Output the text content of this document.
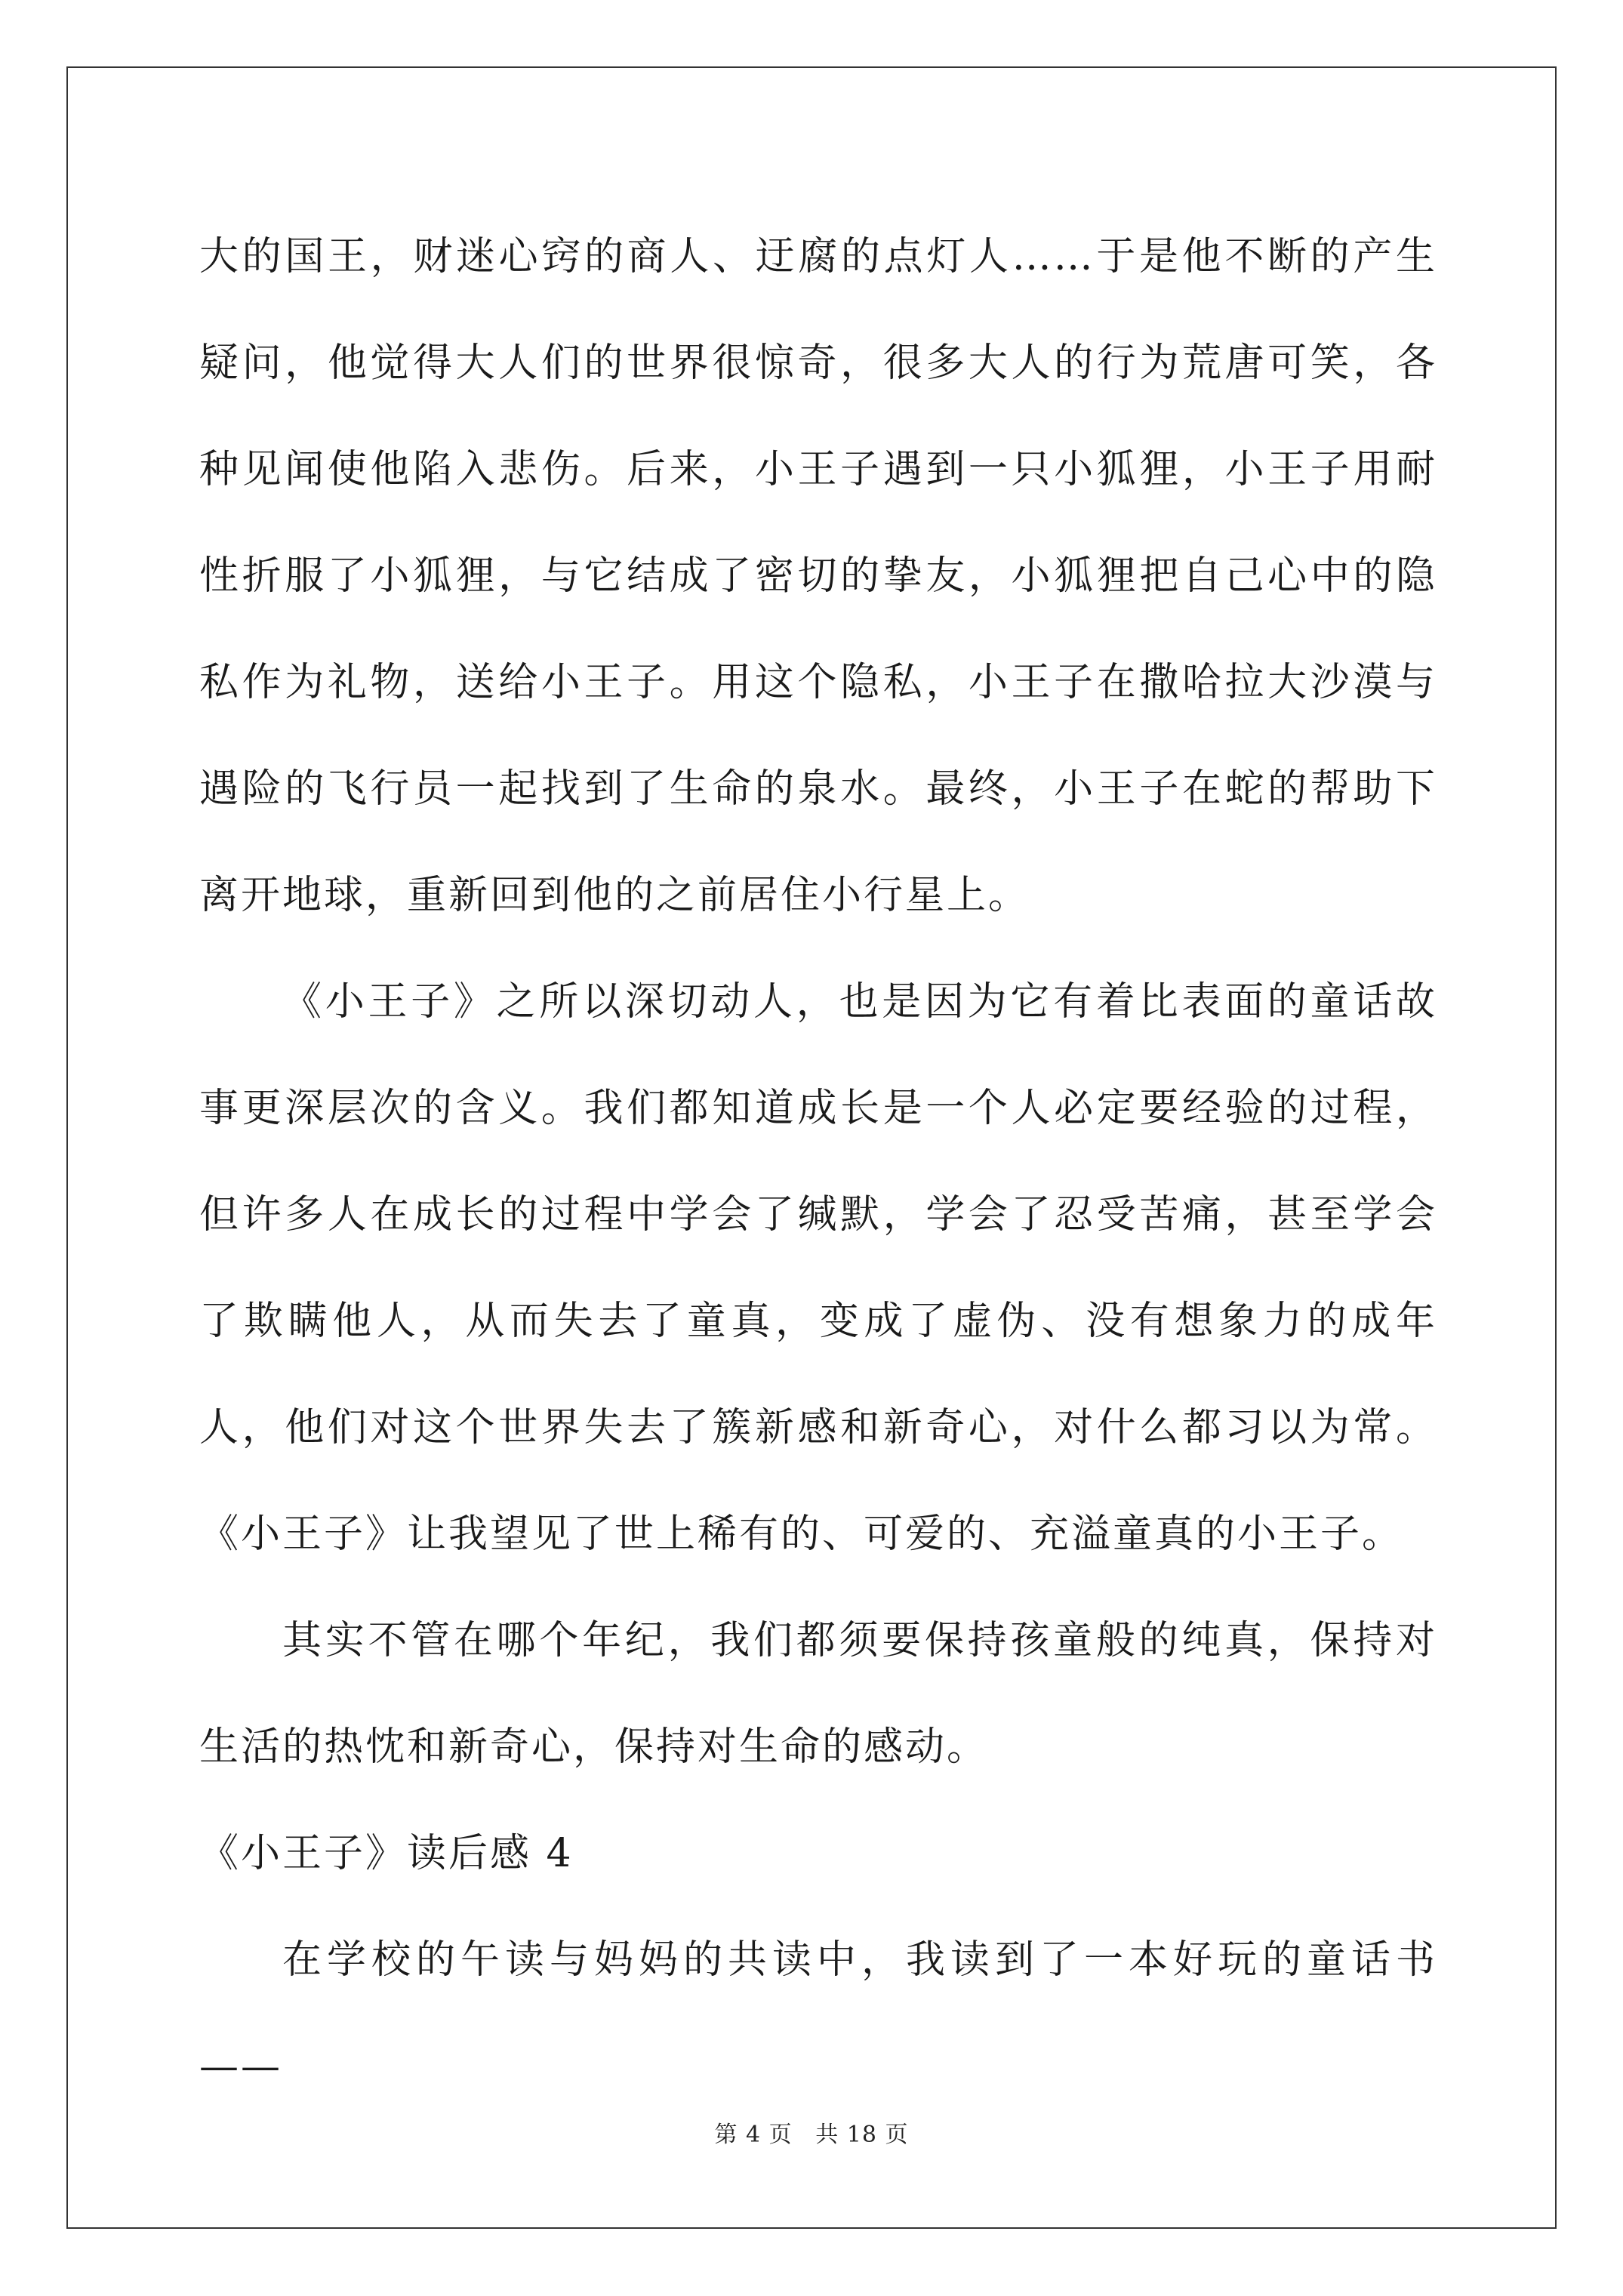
大的国王，财迷心窍的商人、迂腐的点灯人……于是他不断的产生疑问，他觉得大人们的世界很惊奇，很多大人的行为荒唐可笑，各种见闻使他陷入悲伤。后来，小王子遇到一只小狐狸，小王子用耐性折服了小狐狸，与它结成了密切的挚友，小狐狸把自己心中的隐私作为礼物，送给小王子。用这个隐私，小王子在撒哈拉大沙漠与遇险的飞行员一起找到了生命的泉水。最终，小王子在蛇的帮助下离开地球，重新回到他的之前居住小行星上。

《小王子》之所以深切动人，也是因为它有着比表面的童话故事更深层次的含义。我们都知道成长是一个人必定要经验的过程，但许多人在成长的过程中学会了缄默，学会了忍受苦痛，甚至学会了欺瞒他人，从而失去了童真，变成了虚伪、没有想象力的成年人，他们对这个世界失去了簇新感和新奇心，对什么都习以为常。《小王子》让我望见了世上稀有的、可爱的、充溢童真的小王子。

其实不管在哪个年纪，我们都须要保持孩童般的纯真，保持对生活的热忱和新奇心，保持对生命的感动。

《小王子》读后感 4

在学校的午读与妈妈的共读中，我读到了一本好玩的童话书——

第 4 页 共 18 页
